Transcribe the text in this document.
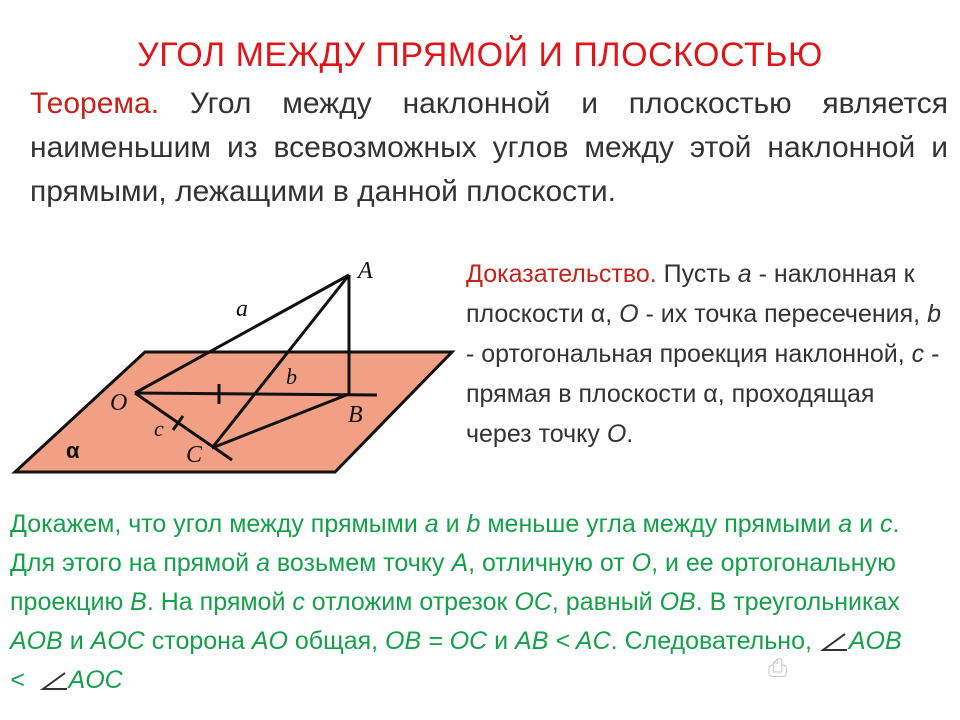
УГОЛ МЕЖДУ ПРЯМОЙ И ПЛОСКОСТЬЮ
Теорема. Угол между наклонной и плоскостью является наименьшим из всевозможных углов между этой наклонной и прямыми, лежащими в данной плоскости.
A
a
b
O	B
c
C
α
Доказательство. Пусть a - наклонная к плоскости α, O - их точка пересечения, b - ортогональная проекция наклонной, c - прямая в плоскости α, проходящая через точку O.
Докажем, что угол между прямыми a и b меньше угла между прямыми a и c. Для этого на прямой a возьмем точку A, отличную от O, и ее ортогональную проекцию B. На прямой c отложим отрезок OC, равный OB. В треугольниках AOB и AOC сторона AO общая, OB = OC и AB < AC. Следовательно, AOB < AOC	⎙
